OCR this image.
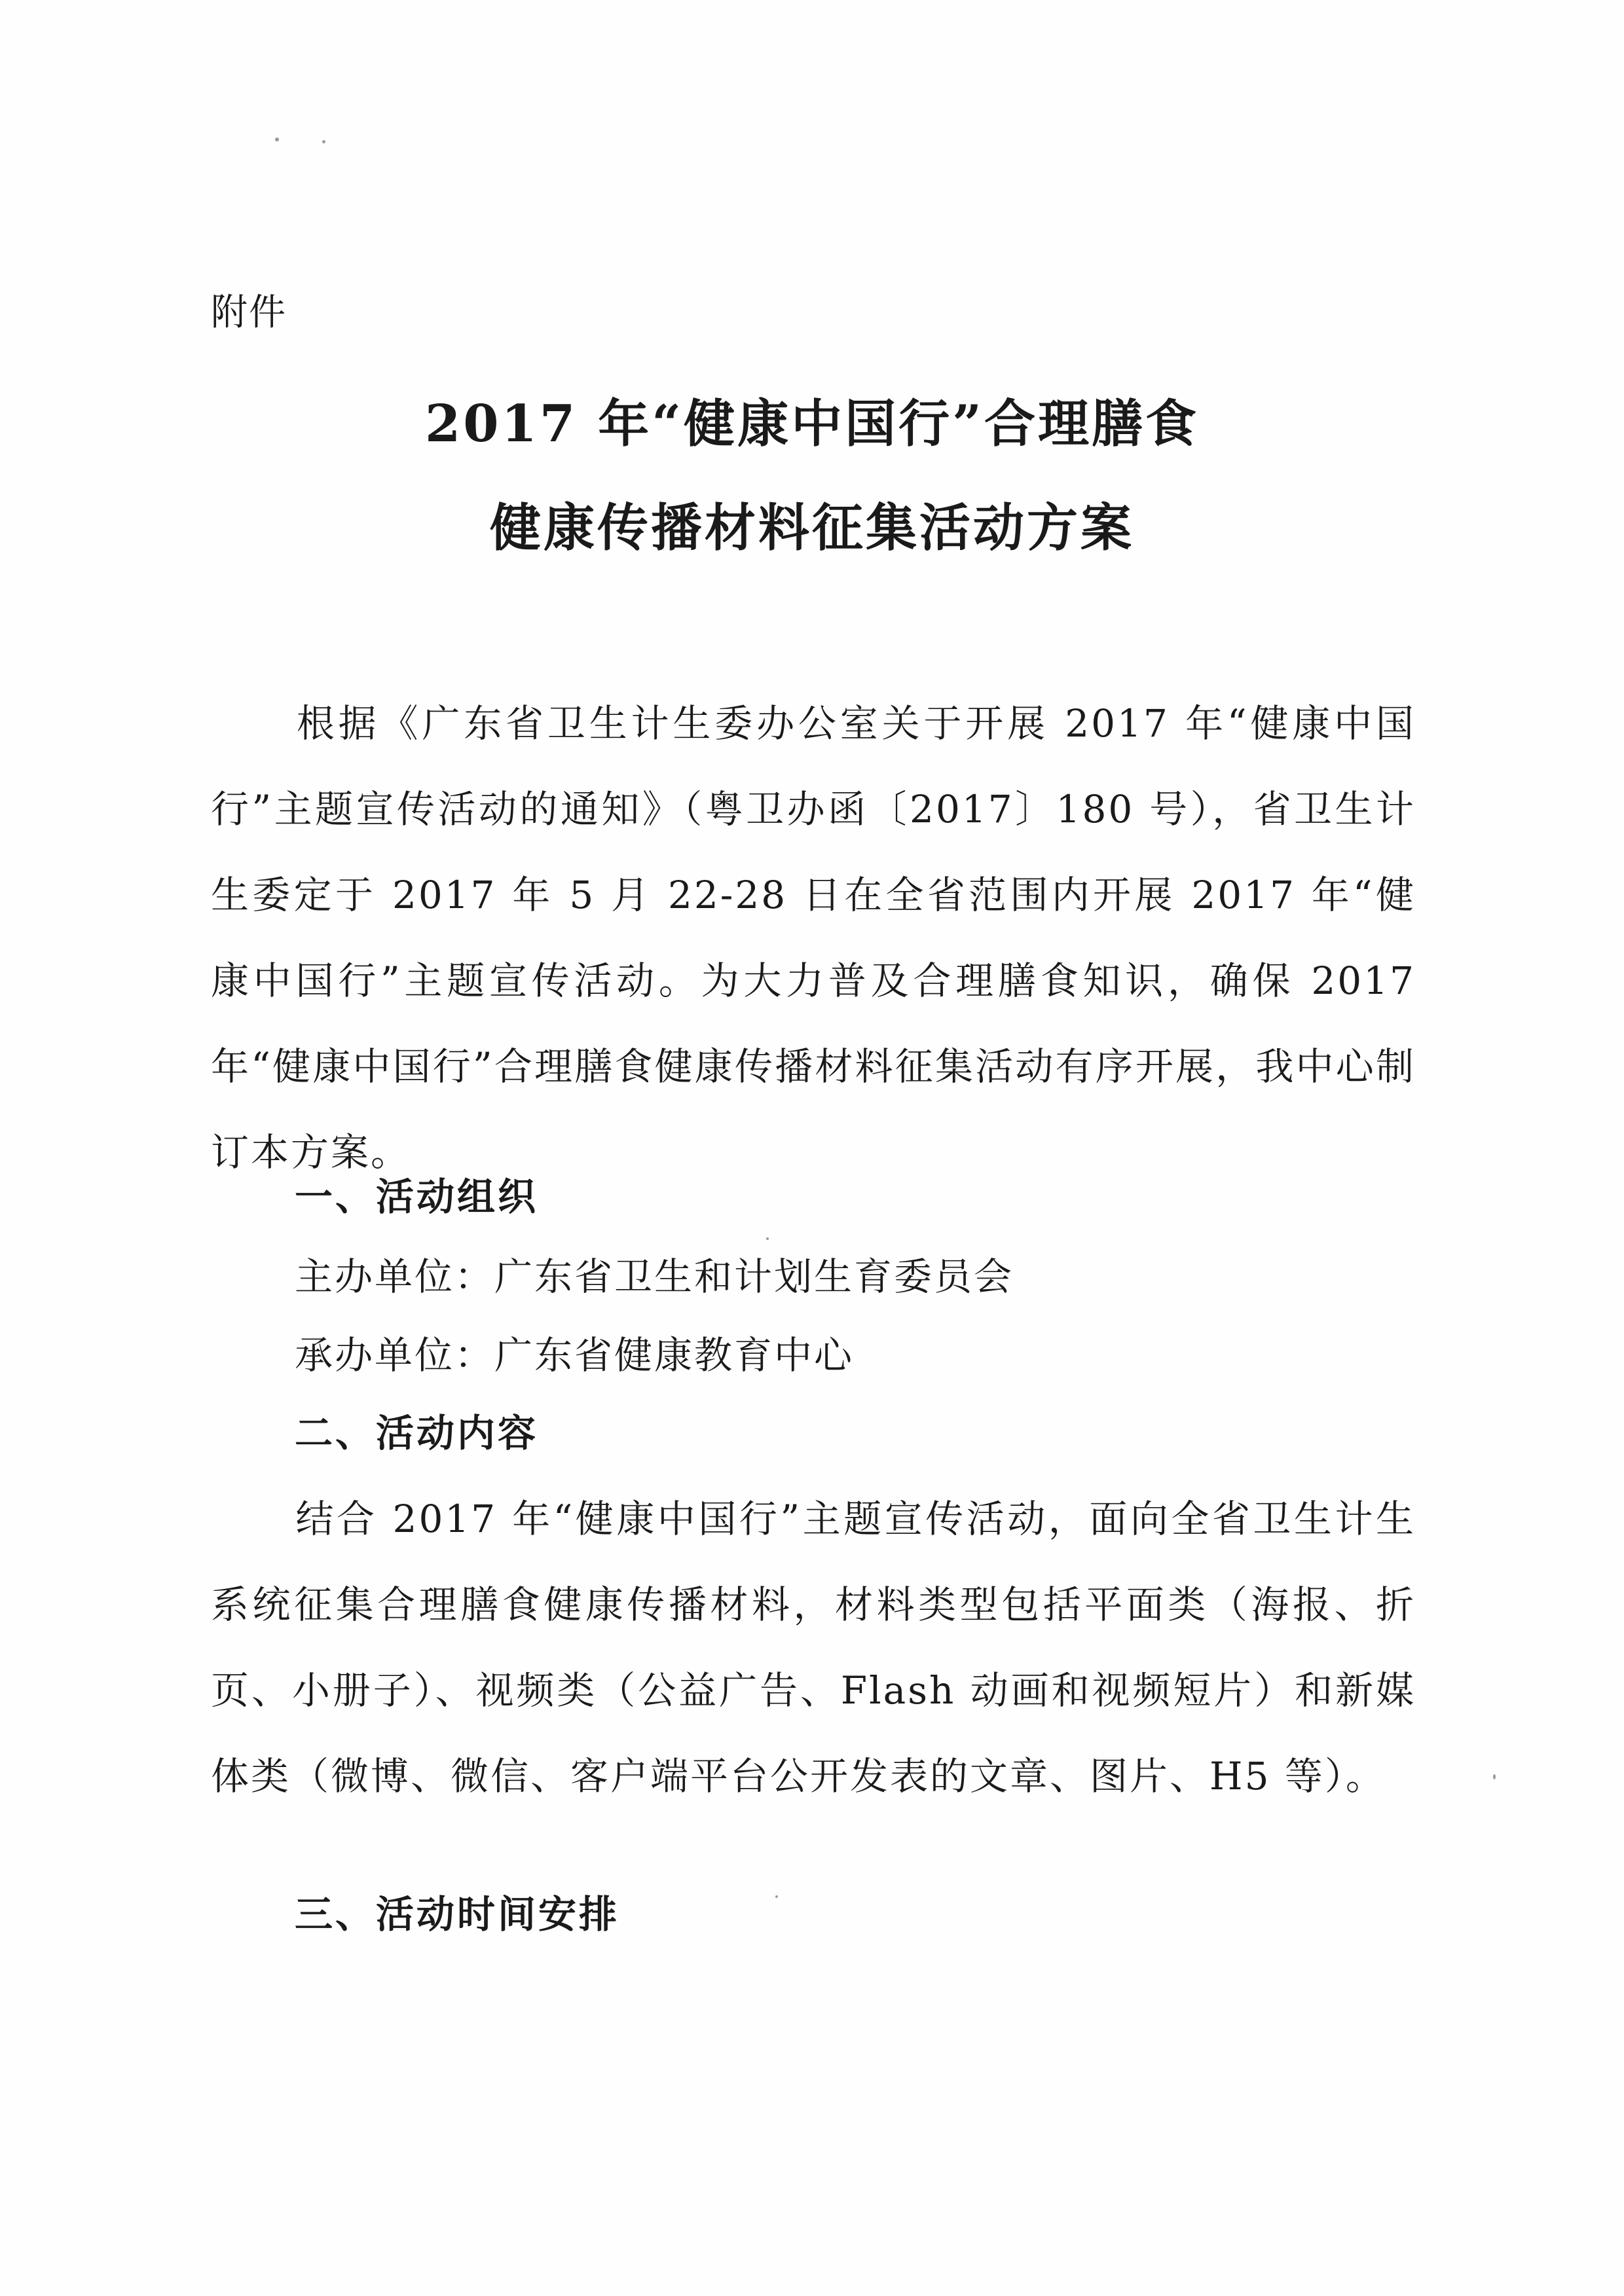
附件
2017 年“健康中国行”合理膳食
健康传播材料征集活动方案
根据《广东省卫生计生委办公室关于开展 2017 年“健康中国行”主题宣传活动的通知》（粤卫办函〔2017〕180 号），省卫生计生委定于 2017 年 5 月 22-28 日在全省范围内开展 2017 年“健康中国行”主题宣传活动。为大力普及合理膳食知识，确保 2017 年“健康中国行”合理膳食健康传播材料征集活动有序开展，我中心制订本方案。
一、活动组织
主办单位：广东省卫生和计划生育委员会
承办单位：广东省健康教育中心
二、活动内容
结合 2017 年“健康中国行”主题宣传活动，面向全省卫生计生系统征集合理膳食健康传播材料，材料类型包括平面类（海报、折页、小册子）、视频类（公益广告、Flash 动画和视频短片）和新媒体类（微博、微信、客户端平台公开发表的文章、图片、H5 等）。
三、活动时间安排
